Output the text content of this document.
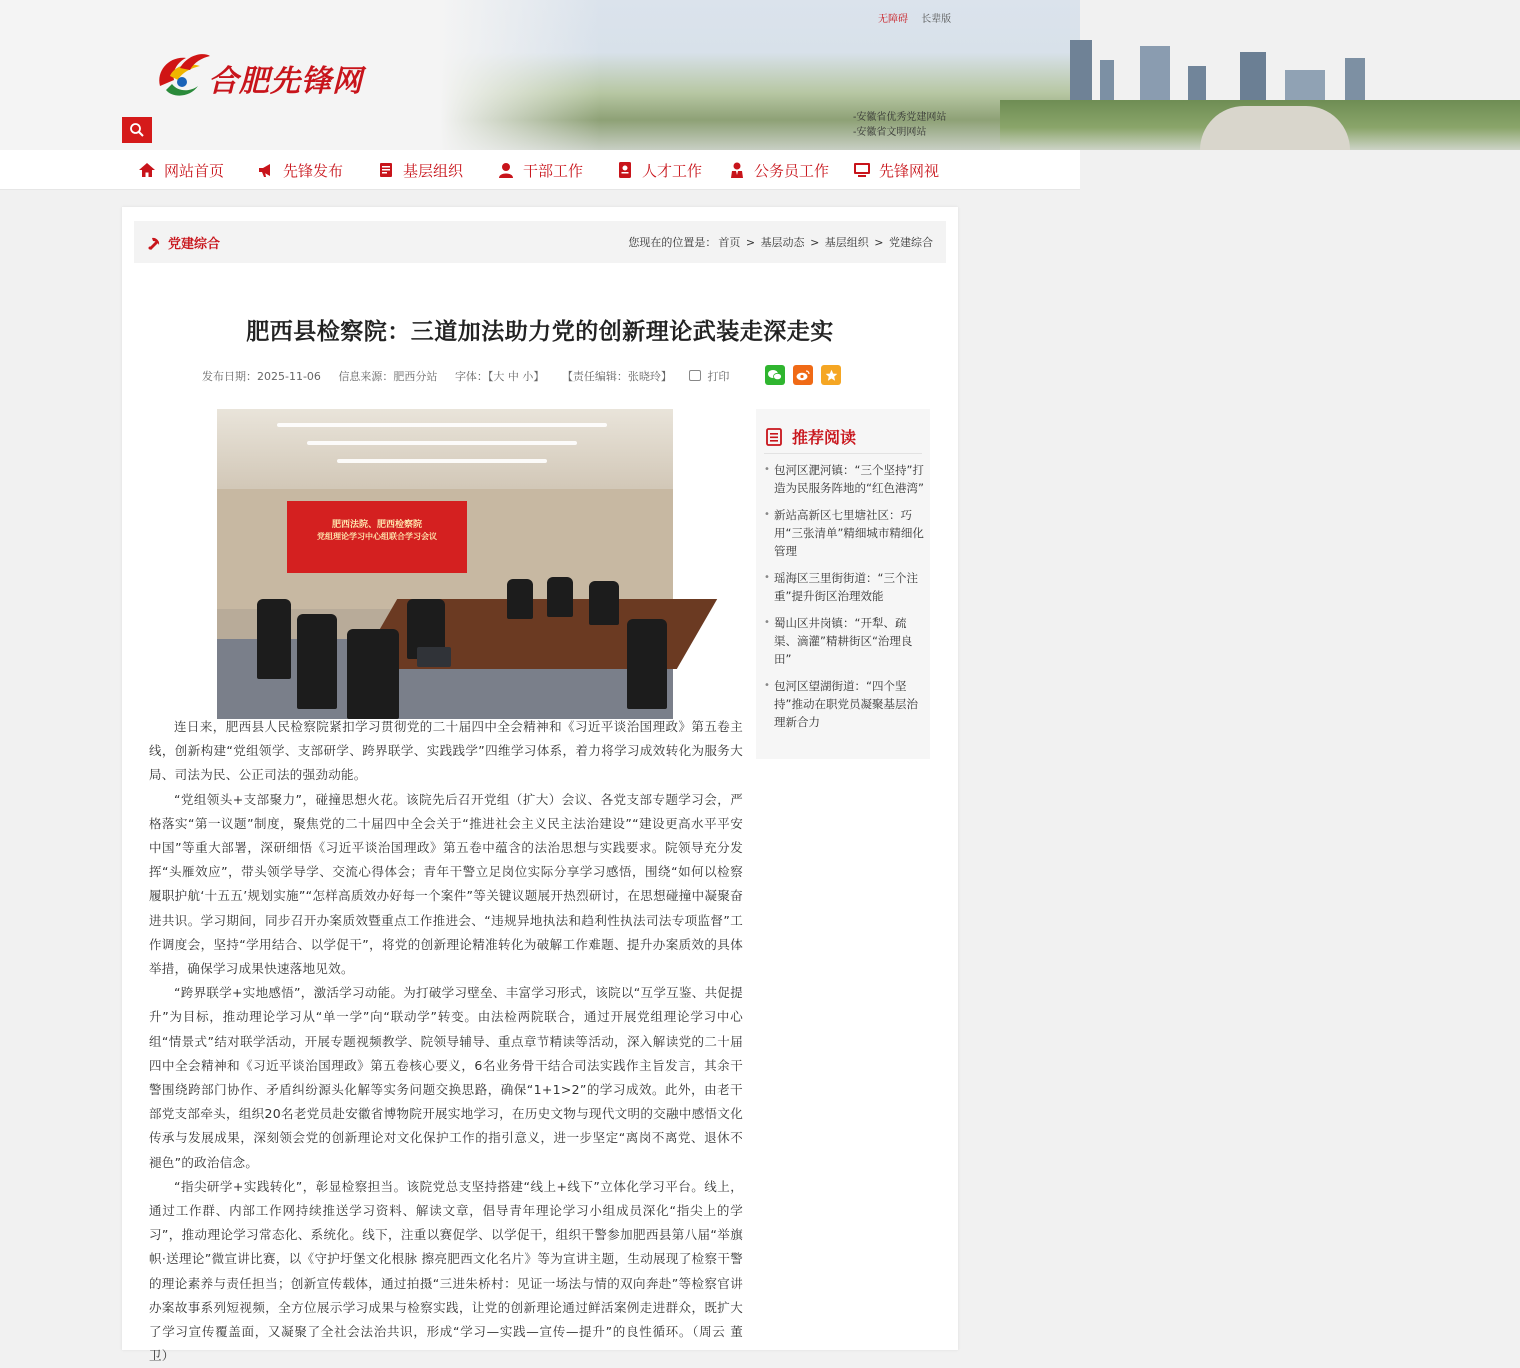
合肥先锋网
无障碍 长辈版
-安徽省优秀党建网站
-安徽省文明网站
网站首页	先锋发布	基层组织	干部工作	人才工作	公务员工作	先锋网视
党建综合	您现在的位置是： 首页 > 基层动态 > 基层组织 > 党建综合
肥西县检察院：三道加法助力党的创新理论武装走深走实
发布日期：2025-11-06 信息来源：肥西分站 字体：【大 中 小】 【责任编辑：张晓玲】	打印
肥西法院、肥西检察院
党组理论学习中心组联合学习会议

连日来，肥西县人民检察院紧扣学习贯彻党的二十届四中全会精神和《习近平谈治国理政》第五卷主线，创新构建“党组领学、支部研学、跨界联学、实践践学”四维学习体系，着力将学习成效转化为服务大局、司法为民、公正司法的强劲动能。

“党组领头+支部聚力”，碰撞思想火花。该院先后召开党组（扩大）会议、各党支部专题学习会，严格落实“第一议题”制度，聚焦党的二十届四中全会关于“推进社会主义民主法治建设”“建设更高水平平安中国”等重大部署，深研细悟《习近平谈治国理政》第五卷中蕴含的法治思想与实践要求。院领导充分发挥“头雁效应”，带头领学导学、交流心得体会；青年干警立足岗位实际分享学习感悟，围绕“如何以检察履职护航‘十五五’规划实施”“怎样高质效办好每一个案件”等关键议题展开热烈研讨，在思想碰撞中凝聚奋进共识。学习期间，同步召开办案质效暨重点工作推进会、“违规异地执法和趋利性执法司法专项监督”工作调度会，坚持“学用结合、以学促干”，将党的创新理论精准转化为破解工作难题、提升办案质效的具体举措，确保学习成果快速落地见效。

“跨界联学+实地感悟”，激活学习动能。为打破学习壁垒、丰富学习形式，该院以“互学互鉴、共促提升”为目标，推动理论学习从“单一学”向“联动学”转变。由法检两院联合，通过开展党组理论学习中心组“情景式”结对联学活动，开展专题视频教学、院领导辅导、重点章节精读等活动，深入解读党的二十届四中全会精神和《习近平谈治国理政》第五卷核心要义，6名业务骨干结合司法实践作主旨发言，其余干警围绕跨部门协作、矛盾纠纷源头化解等实务问题交换思路，确保“1+1>2”的学习成效。此外，由老干部党支部牵头，组织20名老党员赴安徽省博物院开展实地学习，在历史文物与现代文明的交融中感悟文化传承与发展成果，深刻领会党的创新理论对文化保护工作的指引意义，进一步坚定“离岗不离党、退休不褪色”的政治信念。

“指尖研学+实践转化”，彰显检察担当。该院党总支坚持搭建“线上+线下”立体化学习平台。线上，通过工作群、内部工作网持续推送学习资料、解读文章，倡导青年理论学习小组成员深化“指尖上的学习”，推动理论学习常态化、系统化。线下，注重以赛促学、以学促干，组织干警参加肥西县第八届“举旗帜·送理论”微宣讲比赛，以《守护圩堡文化根脉 擦亮肥西文化名片》等为宣讲主题，生动展现了检察干警的理论素养与责任担当；创新宣传载体，通过拍摄“三进朱桥村：见证一场法与情的双向奔赴”等检察官讲办案故事系列短视频，全方位展示学习成果与检察实践，让党的创新理论通过鲜活案例走进群众，既扩大了学习宣传覆盖面，又凝聚了全社会法治共识，形成“学习—实践—宣传—提升”的良性循环。（周云 董卫）

推荐阅读
• 包河区淝河镇：“三个坚持”打造为民服务阵地的“红色港湾”
• 新站高新区七里塘社区：巧用“三张清单”精细城市精细化管理
• 瑶海区三里街街道：“三个注重”提升街区治理效能
• 蜀山区井岗镇：“开犁、疏渠、滴灌”精耕街区“治理良田”
• 包河区望湖街道：“四个坚持”推动在职党员凝聚基层治理新合力
